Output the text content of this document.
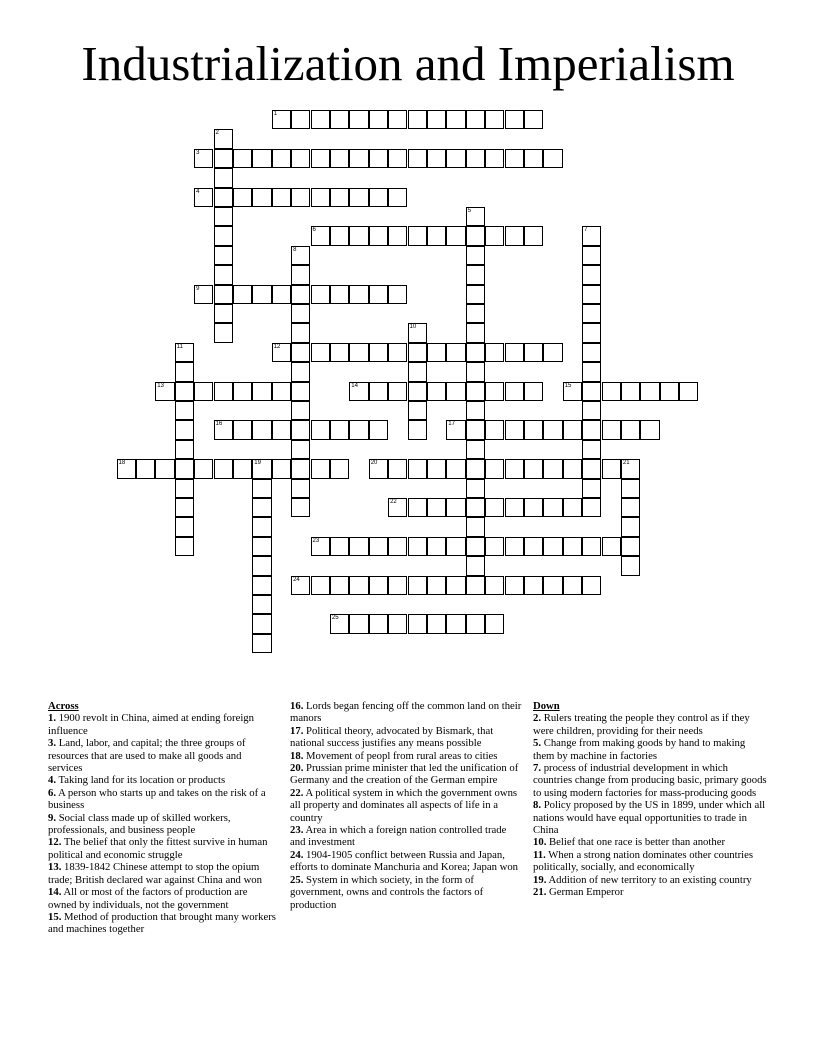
Industrialization and Imperialism
1
2
3
4
5
6	7
8
9
10
11	12
13	14	15
16	17
18	19	20	21
22
23
24
25
Across
1. 1900 revolt in China, aimed at ending foreign influence
3. Land, labor, and capital; the three groups of resources that are used to make all goods and services
4. Taking land for its location or products
6. A person who starts up and takes on the risk of a business
9. Social class made up of skilled workers, professionals, and business people
12. The belief that only the fittest survive in human political and economic struggle
13. 1839-1842 Chinese attempt to stop the opium trade; British declared war against China and won
14. All or most of the factors of production are owned by individuals, not the government
15. Method of production that brought many workers and machines together
16. Lords began fencing off the common land on their manors
17. Political theory, advocated by Bismark, that national success justifies any means possible
18. Movement of peopl from rural areas to cities
20. Prussian prime minister that led the unification of Germany and the creation of the German empire
22. A political system in which the government owns all property and dominates all aspects of life in a country
23. Area in which a foreign nation controlled trade and investment
24. 1904-1905 conflict between Russia and Japan, efforts to dominate Manchuria and Korea; Japan won
25. System in which society, in the form of government, owns and controls the factors of production
Down
2. Rulers treating the people they control as if they were children, providing for their needs
5. Change from making goods by hand to making them by machine in factories
7. process of industrial development in which countries change from producing basic, primary goods to using modern factories for mass-producing goods
8. Policy proposed by the US in 1899, under which all nations would have equal opportunities to trade in China
10. Belief that one race is better than another
11. When a strong nation dominates other countries politically, socially, and economically
19. Addition of new territory to an existing country
21. German Emperor
